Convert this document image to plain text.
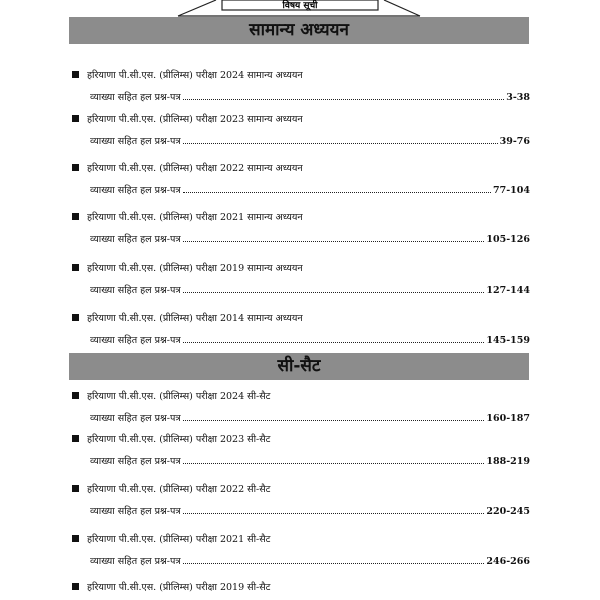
विषय सूची
सामान्य अध्ययन
हरियाणा पी.सी.एस. (प्रीलिम्स) परीक्षा 2024 सामान्य अध्ययन
व्याख्या सहित हल प्रश्न-पत्र	3-38
हरियाणा पी.सी.एस. (प्रीलिम्स) परीक्षा 2023 सामान्य अध्ययन
व्याख्या सहित हल प्रश्न-पत्र	39-76
हरियाणा पी.सी.एस. (प्रीलिम्स) परीक्षा 2022 सामान्य अध्ययन
व्याख्या सहित हल प्रश्न-पत्र	77-104
हरियाणा पी.सी.एस. (प्रीलिम्स) परीक्षा 2021 सामान्य अध्ययन
व्याख्या सहित हल प्रश्न-पत्र	105-126
हरियाणा पी.सी.एस. (प्रीलिम्स) परीक्षा 2019 सामान्य अध्ययन
व्याख्या सहित हल प्रश्न-पत्र	127-144
हरियाणा पी.सी.एस. (प्रीलिम्स) परीक्षा 2014 सामान्य अध्ययन
व्याख्या सहित हल प्रश्न-पत्र	145-159
सी-सैट
हरियाणा पी.सी.एस. (प्रीलिम्स) परीक्षा 2024 सी-सैट
व्याख्या सहित हल प्रश्न-पत्र	160-187
हरियाणा पी.सी.एस. (प्रीलिम्स) परीक्षा 2023 सी-सैट
व्याख्या सहित हल प्रश्न-पत्र	188-219
हरियाणा पी.सी.एस. (प्रीलिम्स) परीक्षा 2022 सी-सैट
व्याख्या सहित हल प्रश्न-पत्र	220-245
हरियाणा पी.सी.एस. (प्रीलिम्स) परीक्षा 2021 सी-सैट
व्याख्या सहित हल प्रश्न-पत्र	246-266
हरियाणा पी.सी.एस. (प्रीलिम्स) परीक्षा 2019 सी-सैट
